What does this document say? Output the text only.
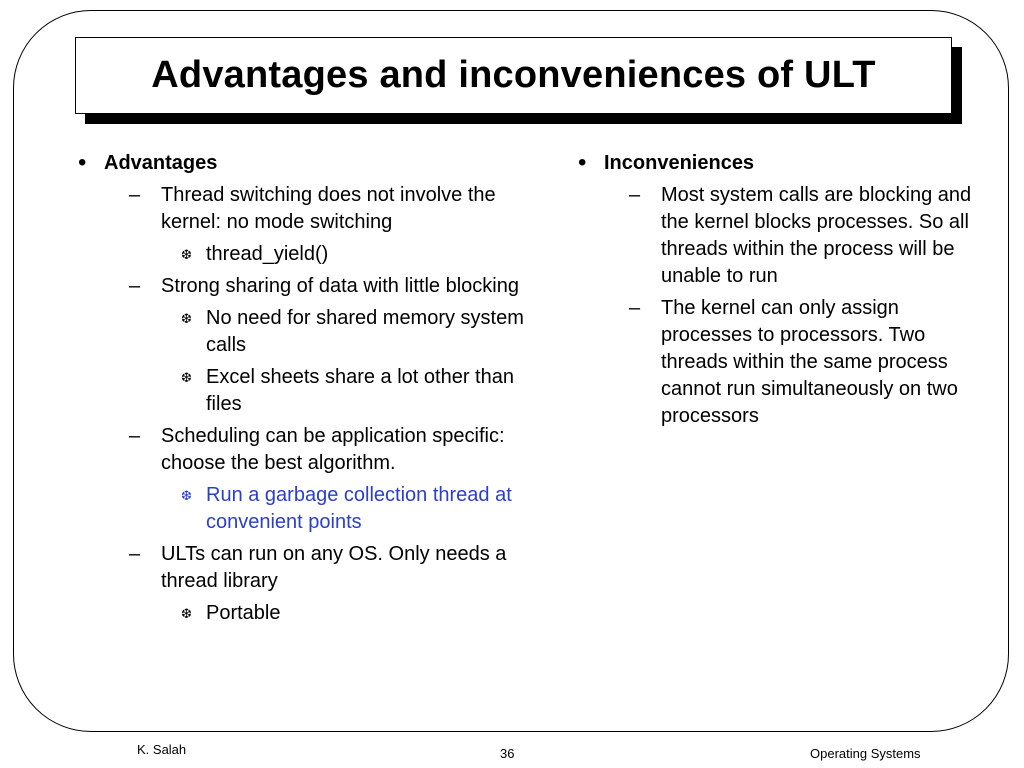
Advantages and inconveniences of ULT
• Advantages
– Thread switching does not involve the kernel: no mode switching
❆ thread_yield()
– Strong sharing of data with little blocking
❆ No need for shared memory system calls
❆ Excel sheets share a lot other than files
– Scheduling can be application specific: choose the best algorithm.
❆ Run a garbage collection thread at convenient points
– ULTs can run on any OS. Only needs a thread library
❆ Portable
• Inconveniences
– Most system calls are blocking and the kernel blocks processes. So all threads within the process will be unable to run
– The kernel can only assign processes to processors. Two threads within the same process cannot run simultaneously on two processors
K. Salah	36	Operating Systems
